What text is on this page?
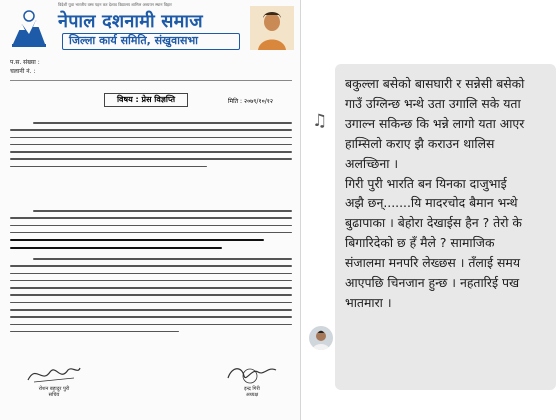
विदेशी युवा भारतीय वस्त्र पहन कर देशाव विद्यालय शामिल अध्ययन स्थान विहार
नेपाल दशनामी समाज
जिल्ला कार्य समिति, संखुवासभा
प.स. संख्या :
चलानी नं. :
विषय : प्रेस विज्ञप्ति	मिति : २०७९/१०/१२
रोशन बहादुर पुरी
सचिव
इन्द्र गिरी
अध्यक्ष
♫
बकुल्ला बसेको बासघारी र सन्नेसी बसेको
गाउँ उग्लिन्छ भन्थे उता उगालि सके यता
उगाल्न सकिन्छ कि भन्ने लागो यता आएर
हाम्सिलो कराए झै कराउन थालिस
अलच्छिना ।
गिरी पुरी भारति बन यिनका दाजुभाई
अझै छन्.......यि मादरचोद बैमान भन्थे
बुढापाका । बेहोरा देखाईस हैन ? तेरो के
बिगारिदेको छ हँ मैले ? सामाजिक
संजालमा मनपरि लेख्छस । तँलाई समय
आएपछि चिनजान हुन्छ । नहतारिई पख
भातमारा ।
